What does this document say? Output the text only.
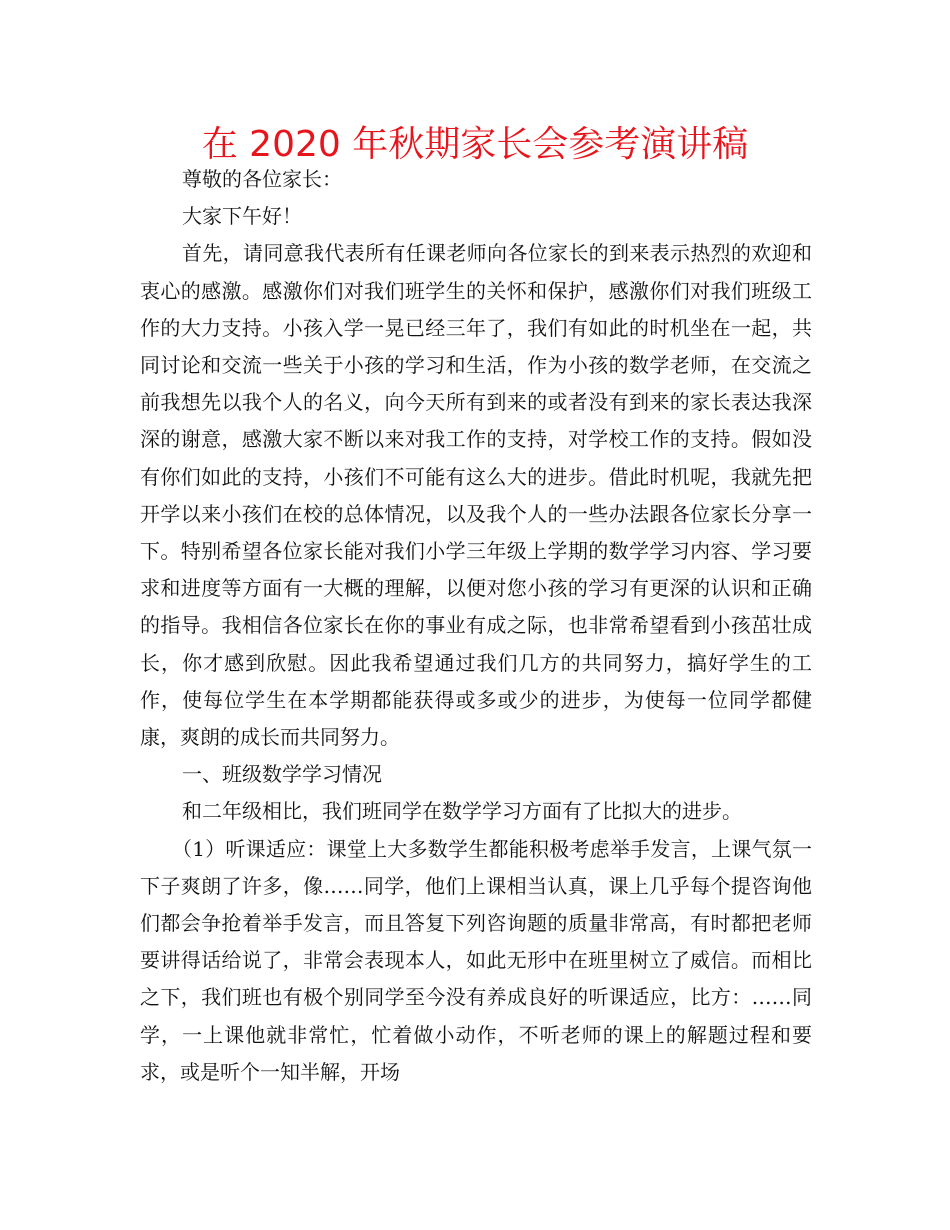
在 2020 年秋期家长会参考演讲稿

尊敬的各位家长：

大家下午好！

首先，请同意我代表所有任课老师向各位家长的到来表示热烈的欢迎和衷心的感激。感激你们对我们班学生的关怀和保护，感激你们对我们班级工作的大力支持。小孩入学一晃已经三年了，我们有如此的时机坐在一起，共同讨论和交流一些关于小孩的学习和生活，作为小孩的数学老师，在交流之前我想先以我个人的名义，向今天所有到来的或者没有到来的家长表达我深深的谢意，感激大家不断以来对我工作的支持，对学校工作的支持。假如没有你们如此的支持，小孩们不可能有这么大的进步。借此时机呢，我就先把开学以来小孩们在校的总体情况，以及我个人的一些办法跟各位家长分享一下。特别希望各位家长能对我们小学三年级上学期的数学学习内容、学习要求和进度等方面有一大概的理解，以便对您小孩的学习有更深的认识和正确的指导。我相信各位家长在你的事业有成之际，也非常希望看到小孩茁壮成长，你才感到欣慰。因此我希望通过我们几方的共同努力，搞好学生的工作，使每位学生在本学期都能获得或多或少的进步，为使每一位同学都健康，爽朗的成长而共同努力。

一、班级数学学习情况

和二年级相比，我们班同学在数学学习方面有了比拟大的进步。

（1）听课适应：课堂上大多数学生都能积极考虑举手发言，上课气氛一下子爽朗了许多，像……同学，他们上课相当认真，课上几乎每个提咨询他们都会争抢着举手发言，而且答复下列咨询题的质量非常高，有时都把老师要讲得话给说了，非常会表现本人，如此无形中在班里树立了威信。而相比之下，我们班也有极个别同学至今没有养成良好的听课适应，比方：……同学，一上课他就非常忙，忙着做小动作，不听老师的课上的解题过程和要求，或是听个一知半解，开场
